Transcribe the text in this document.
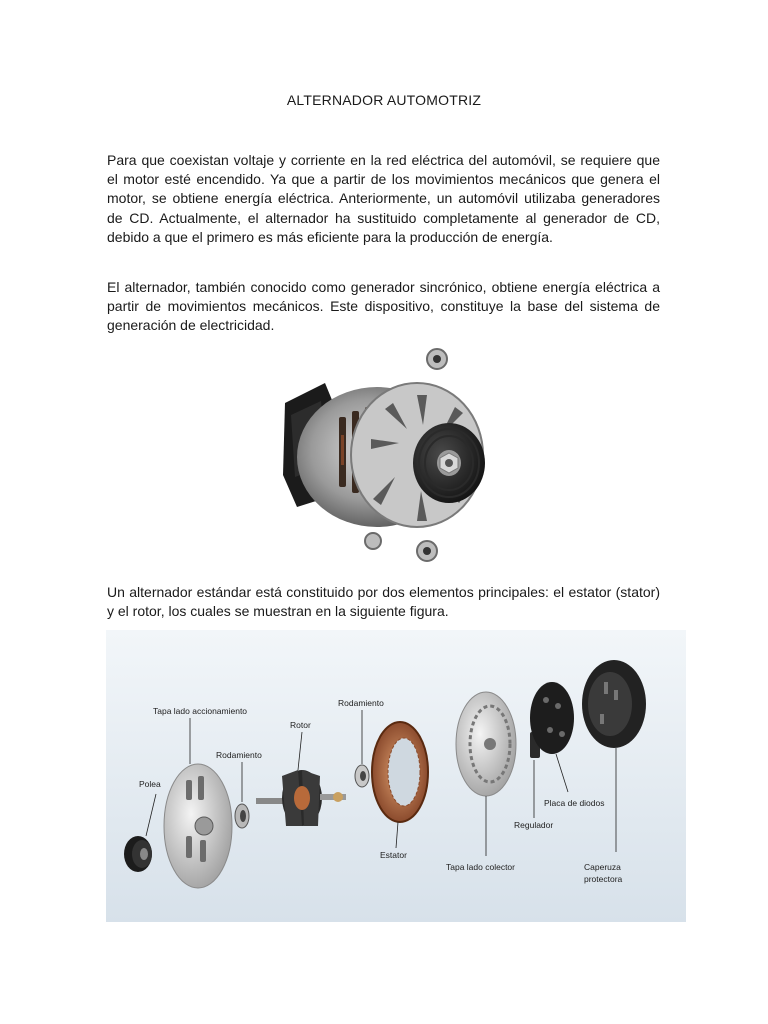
ALTERNADOR AUTOMOTRIZ

Para que coexistan voltaje y corriente en la red eléctrica del automóvil, se requiere que el motor esté encendido. Ya que a partir de los movimientos mecánicos que genera el motor, se obtiene energía eléctrica. Anteriormente, un automóvil utilizaba generadores de CD. Actualmente, el alternador ha sustituido completamente al generador de CD, debido a que el primero es más eficiente para la producción de energía.

El alternador, también conocido como generador sincrónico, obtiene energía eléctrica a partir de movimientos mecánicos. Este dispositivo, constituye la base del sistema de generación de electricidad.

Un alternador estándar está constituido por dos elementos principales: el estator (stator) y el rotor, los cuales se muestran en la siguiente figura.

Polea
Tapa lado accionamiento
Rodamiento
Rotor
Rodamiento
Estator
Tapa lado colector
Regulador
Placa de diodos
Caperuza
protectora
